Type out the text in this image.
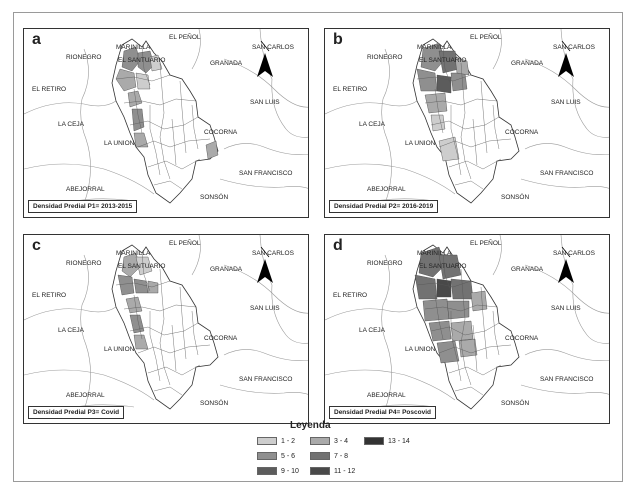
MARINILLA
EL PEÑOL
SAN CARLOS
RIONEGRO	EL SANTUARIO	GRANADA
EL RETIRO
COCORNA
SAN LUIS
LA CEJA
LA UNION
SAN FRANCISCO
ABEJORRAL
SONSÓN
a
Densidad Predial P1= 2013-2015
MARINILLA
EL PEÑOL
SAN CARLOS
RIONEGRO	EL SANTUARIO	GRANADA
EL RETIRO
COCORNA
SAN LUIS
LA CEJA
LA UNION
SAN FRANCISCO
ABEJORRAL
SONSÓN
b
Densidad Predial P2= 2016-2019
MARINILLA
EL PEÑOL
SAN CARLOS
RIONEGRO	EL SANTUARIO	GRANADA
EL RETIRO
COCORNA
SAN LUIS
LA CEJA
LA UNION
SAN FRANCISCO
ABEJORRAL
SONSÓN
c
Densidad Predial P3= Covid
MARINILLA
EL PEÑOL
SAN CARLOS
RIONEGRO	EL SANTUARIO	GRANADA
EL RETIRO
COCORNA
SAN LUIS
LA CEJA
LA UNION
SAN FRANCISCO
ABEJORRAL
SONSÓN
d
Densidad Predial P4= Poscovid
Leyenda
1 - 2	3 - 4
5 - 6	7 - 8
9 - 10	11 - 12
13 - 14
